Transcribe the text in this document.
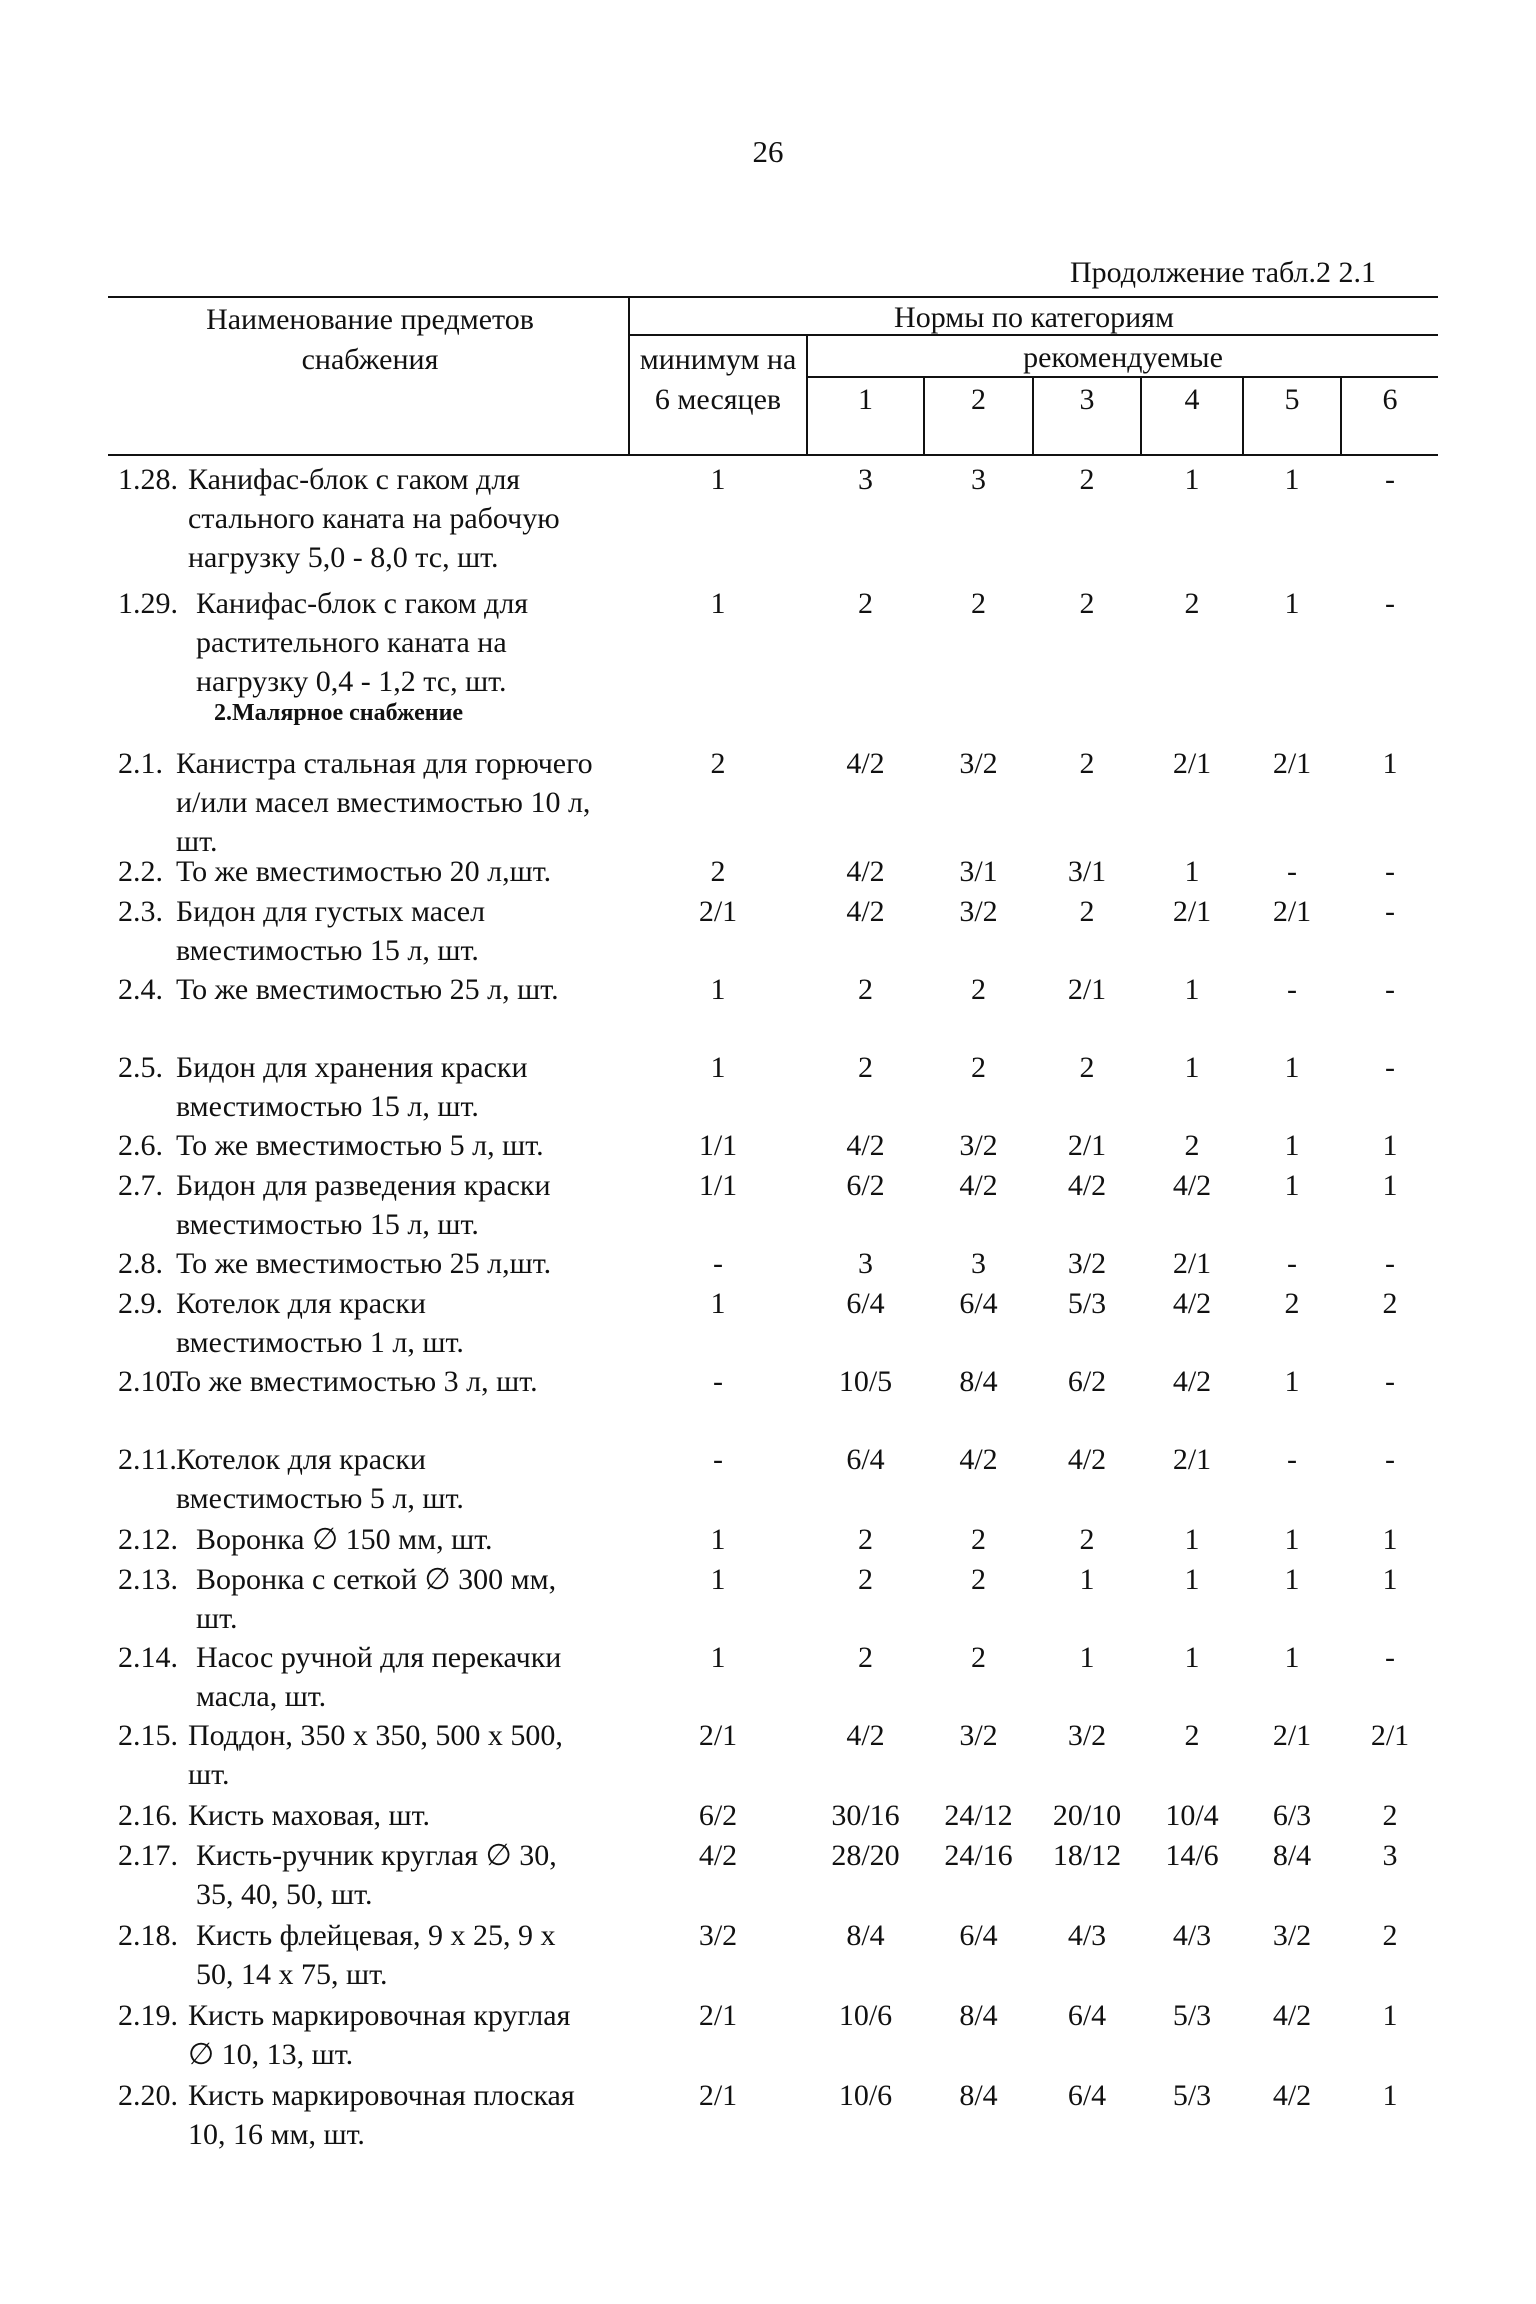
26
Продолжение табл.2 2.1
Наименование предметов снабжения
Нормы по категориям
минимум на 6 месяцев
рекомендуемые
1	2	3	4	5	6
1.28. Канифас-блок с гаком для стального каната на рабочую нагрузку 5,0 - 8,0 тс, шт.
1	3	3	2	1	1	-
1.29. Канифас-блок с гаком для растительного каната на нагрузку 0,4 - 1,2 тс, шт.
1	2	2	2	2	1	-
2.Малярное снабжение
2.1. Канистра стальная для горючего и/или масел вместимостью 10 л, шт.
2	4/2	3/2	2	2/1	2/1	1
2.2. То же вместимостью 20 л,шт.	2	4/2	3/1	3/1	1	-	-
2.3. Бидон для густых масел вместимостью 15 л, шт.
2/1	4/2	3/2	2	2/1	2/1	-
2.4. То же вместимостью 25 л, шт.	1	2	2	2/1	1	-	-
2.5. Бидон для хранения краски вместимостью 15 л, шт.
1	2	2	2	1	1	-
2.6. То же вместимостью 5 л, шт.	1/1	4/2	3/2	2/1	2	1	1
2.7. Бидон для разведения краски вместимостью 15 л, шт.
1/1	6/2	4/2	4/2	4/2	1	1
2.8. То же вместимостью 25 л,шт.	-	3	3	3/2	2/1	-	-
2.9. Котелок для краски вместимостью 1 л, шт.
1	6/4	6/4	5/3	4/2	2	2
2.10.
То же вместимостью 3 л, шт.	-	10/5	8/4	6/2	4/2	1	-
2.11. Котелок для краски вместимостью 5 л, шт.
-	6/4	4/2	4/2	2/1	-	-
2.12. Воронка ∅ 150 мм, шт.	1	2	2	2	1	1	1
2.13. Воронка с сеткой ∅ 300 мм, шт.
1	2	2	1	1	1	1
2.14. Насос ручной для перекачки масла, шт.
1	2	2	1	1	1	-
2.15. Поддон, 350 х 350, 500 х 500, шт.
2/1	4/2	3/2	3/2	2	2/1	2/1
2.16. Кисть маховая, шт.	6/2	30/16	24/12	20/10	10/4	6/3	2
2.17. Кисть-ручник круглая ∅ 30, 35, 40, 50, шт.
4/2	28/20	24/16	18/12	14/6	8/4	3
2.18. Кисть флейцевая, 9 х 25, 9 х 50, 14 х 75, шт.
3/2	8/4	6/4	4/3	4/3	3/2	2
2.19. Кисть маркировочная круглая ∅ 10, 13, шт.
2/1	10/6	8/4	6/4	5/3	4/2	1
2.20. Кисть маркировочная плоская 10, 16 мм, шт.
2/1	10/6	8/4	6/4	5/3	4/2	1
